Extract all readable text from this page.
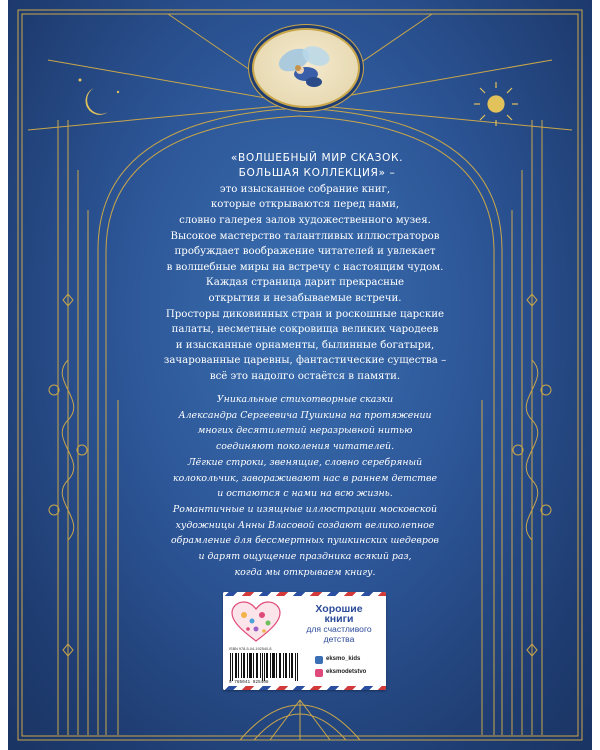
«ВОЛШЕБНЫЙ МИР СКАЗОК.

БОЛЬШАЯ КОЛЛЕКЦИЯ» –

это изысканное собрание книг,

которые открываются перед нами,

словно галерея залов художественного музея.

Высокое мастерство талантливых иллюстраторов

пробуждает воображение читателей и увлекает

в волшебные миры на встречу с настоящим чудом.

Каждая страница дарит прекрасные

открытия и незабываемые встречи.

Просторы диковинных стран и роскошные царские

палаты, несметные сокровища великих чародеев

и изысканные орнаменты, былинные богатыри,

зачарованные царевны, фантастические существа –

всё это надолго остаётся в памяти.

Уникальные стихотворные сказки

Александра Сергеевича Пушкина на протяжении

многих десятилетий неразрывной нитью

соединяют поколения читателей.

Лёгкие строки, звенящие, словно серебряный

колокольчик, завораживают нас в раннем детстве

и остаются с нами на всю жизнь.

Романтичные и изящные иллюстрации московской

художницы Анны Власовой создают великолепное

обрамление для бессмертных пушкинских шедевров

и дарят ощущение праздника всякий раз,

когда мы открываем книгу.

Хорошие
книги
для счастливого
детства
ISBN 978-5-04-192540-8
9 785041 925408
eksmo_kids
eksmodetstvo
